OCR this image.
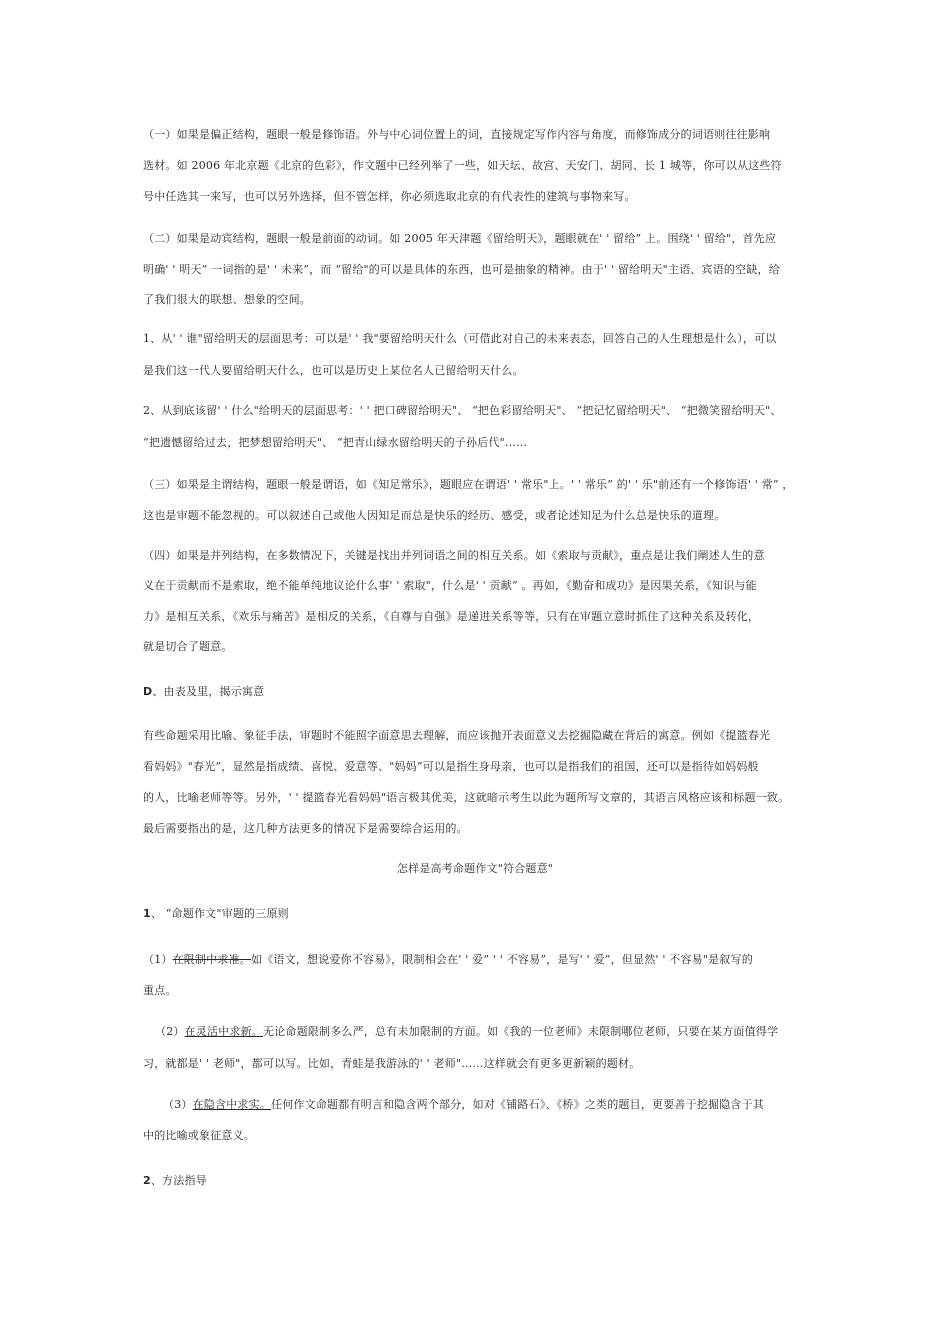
（一）如果是偏正结构，题眼一般是修饰语。外与中心词位置上的词，直接规定写作内容与角度，而修饰成分的词语则往往影响
选材。如 2006 年北京题《北京的色彩》，作文题中已经列举了一些，如天坛、故宫、天安门、胡同、长 1 城等，你可以从这些符
号中任选其一来写，也可以另外选择，但不管怎样，你必须选取北京的有代表性的建筑与事物来写。
（二）如果是动宾结构，题眼一般是前面的动词。如 2005 年天津题《留给明天》，题眼就在' ' 留给” 上。围绕' ' 留给"，首先应
明确' ' 明天” 一词指的是' ' 未来”，而 “留给"的可以是具体的东西，也可是抽象的精神。由于' ' 留给明天"主语、宾语的空缺，给
了我们很大的联想、想象的空间。
1、从' ' 谁"留给明天的层面思考：可以是' ' 我"要留给明天什么（可借此对自己的未来表态，回答自己的人生理想是什么），可以
是我们这一代人要留给明天什么，也可以是历史上某位名人已留给明天什么。
2、从到底该留' ' 什么"给明天的层面思考：' ' 把口碑留给明天"、 “把色彩留给明天"、 “把记忆留给明天"、 “把微笑留给明天"、
“把遗憾留给过去，把梦想留给明天"、 “把青山绿水留给明天的子孙后代"……
（三）如果是主谓结构，题眼一般是谓语，如《知足常乐》，题眼应在谓语' ' 常乐"上。' ' 常乐” 的' ' 乐"前还有一个修饰语' ' 常” ，
这也是审题不能忽视的。可以叙述自己或他人因知足而总是快乐的经历、感受，或者论述知足为什么总是快乐的道理。
（四）如果是并列结构，在多数情况下，关键是找出并列词语之间的相互关系。如《索取与贡献》，重点是让我们阐述人生的意
义在于贡献而不是索取，绝不能单纯地议论什么事' ' 索取"，什么是' ' 贡献” 。再如，《勤奋和成功》是因果关系，《知识与能
力》是相互关系，《欢乐与痛苦》是相反的关系，《自尊与自强》是递进关系等等，只有在审题立意时抓住了这种关系及转化，
就是切合了题意。
D、由表及里，揭示寓意
有些命题采用比喻、象征手法，审题时不能照字面意思去理解，而应该抛开表面意义去挖掘隐藏在背后的寓意。例如《提篮春光
看妈妈》"春光”，显然是指成绩、喜悦、爱意等、"妈妈”可以是指生身母亲，也可以是指我们的祖国，还可以是指待如妈妈般
的人，比喻老师等等。另外，' ' 提篮春光看妈妈"语言极其优美，这就暗示考生以此为题所写文章的，其语言风格应该和标题一致。
最后需要指出的是，这几种方法更多的情况下是需要综合运用的。
怎样是高考命题作文"符合题意"
1、 “命题作文"审题的三原则
（1）在限制中求准。如《语文，想说爱你不容易》，限制相会在' ' 爱” ' ' 不容易”，是写' ' 爱”，但显然' ' 不容易"是叙写的
重点。
（2）在灵活中求新。无论命题限制多么严，总有未加限制的方面。如《我的一位老师》未限制哪位老师，只要在某方面值得学
习，就都是' ' 老师"，都可以写。比如，青蛙是我游泳的' ' 老师"……这样就会有更多更新颖的题材。
（3）在隐含中求实。任何作文命题都有明言和隐含两个部分，如对《铺路石》、《桥》之类的题目，更要善于挖掘隐含于其
中的比喻或象征意义。
2、方法指导
